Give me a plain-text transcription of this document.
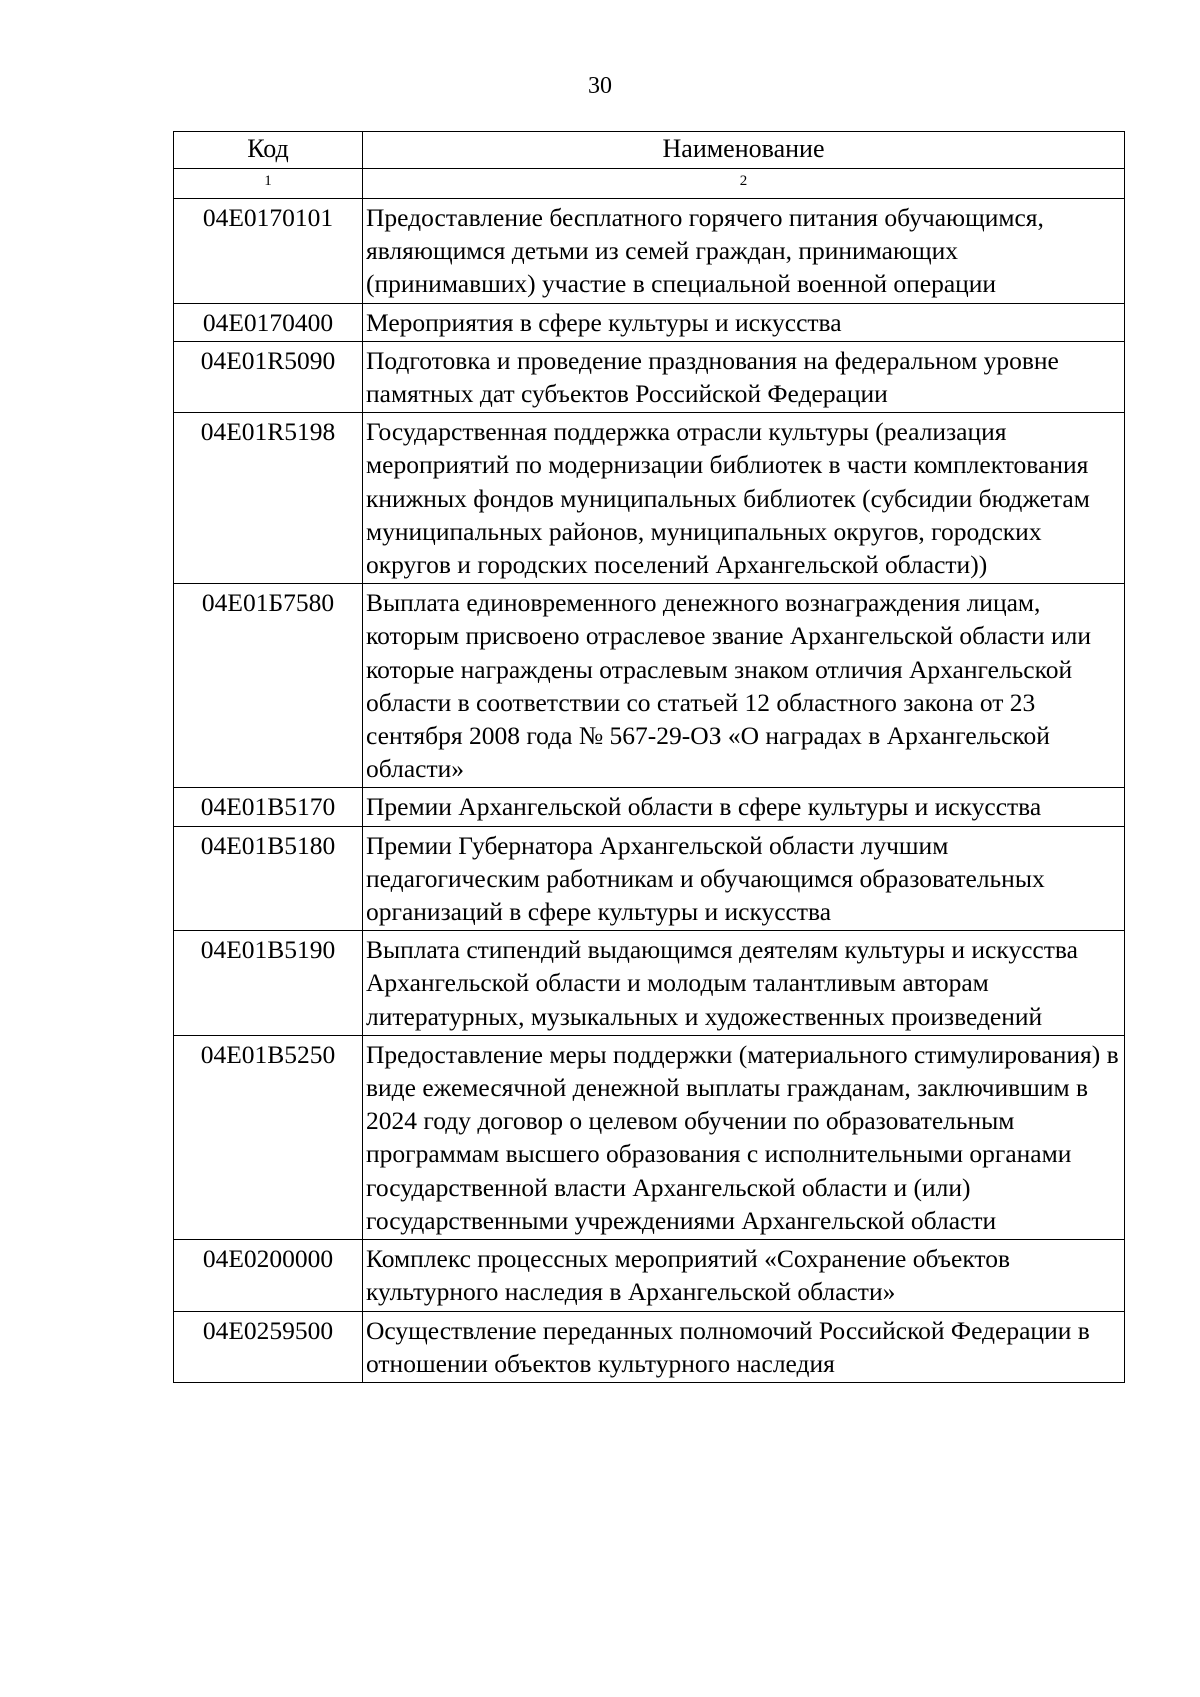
30
Код	Наименование
1	2
04Е0170101	Предоставление бесплатного горячего питания обучающимся, являющимся детьми из семей граждан, принимающих (принимавших) участие в специальной военной операции
04Е0170400	Мероприятия в сфере культуры и искусства
04Е01R5090	Подготовка и проведение празднования на федеральном уровне памятных дат субъектов Российской Федерации
04Е01R5198	Государственная поддержка отрасли культуры (реализация мероприятий по модернизации библиотек в части комплектования книжных фондов муниципальных библиотек (субсидии бюджетам муниципальных районов, муниципальных округов, городских округов и городских поселений Архангельской области))
04Е01Б7580	Выплата единовременного денежного вознаграждения лицам, которым присвоено отраслевое звание Архангельской области или которые награждены отраслевым знаком отличия Архангельской области в соответствии со статьей 12 областного закона от 23 сентября 2008 года № 567-29-ОЗ «О наградах в Архангельской области»
04Е01В5170	Премии Архангельской области в сфере культуры и искусства
04Е01В5180	Премии Губернатора Архангельской области лучшим педагогическим работникам и обучающимся образовательных организаций в сфере культуры и искусства
04Е01В5190	Выплата стипендий выдающимся деятелям культуры и искусства Архангельской области и молодым талантливым авторам литературных, музыкальных и художественных произведений
04Е01В5250	Предоставление меры поддержки (материального стимулирования) в виде ежемесячной денежной выплаты гражданам, заключившим в 2024 году договор о целевом обучении по образовательным программам высшего образования с исполнительными органами государственной власти Архангельской области и (или) государственными учреждениями Архангельской области
04Е0200000	Комплекс процессных мероприятий «Сохранение объектов культурного наследия в Архангельской области»
04Е0259500	Осуществление переданных полномочий Российской Федерации в отношении объектов культурного наследия
